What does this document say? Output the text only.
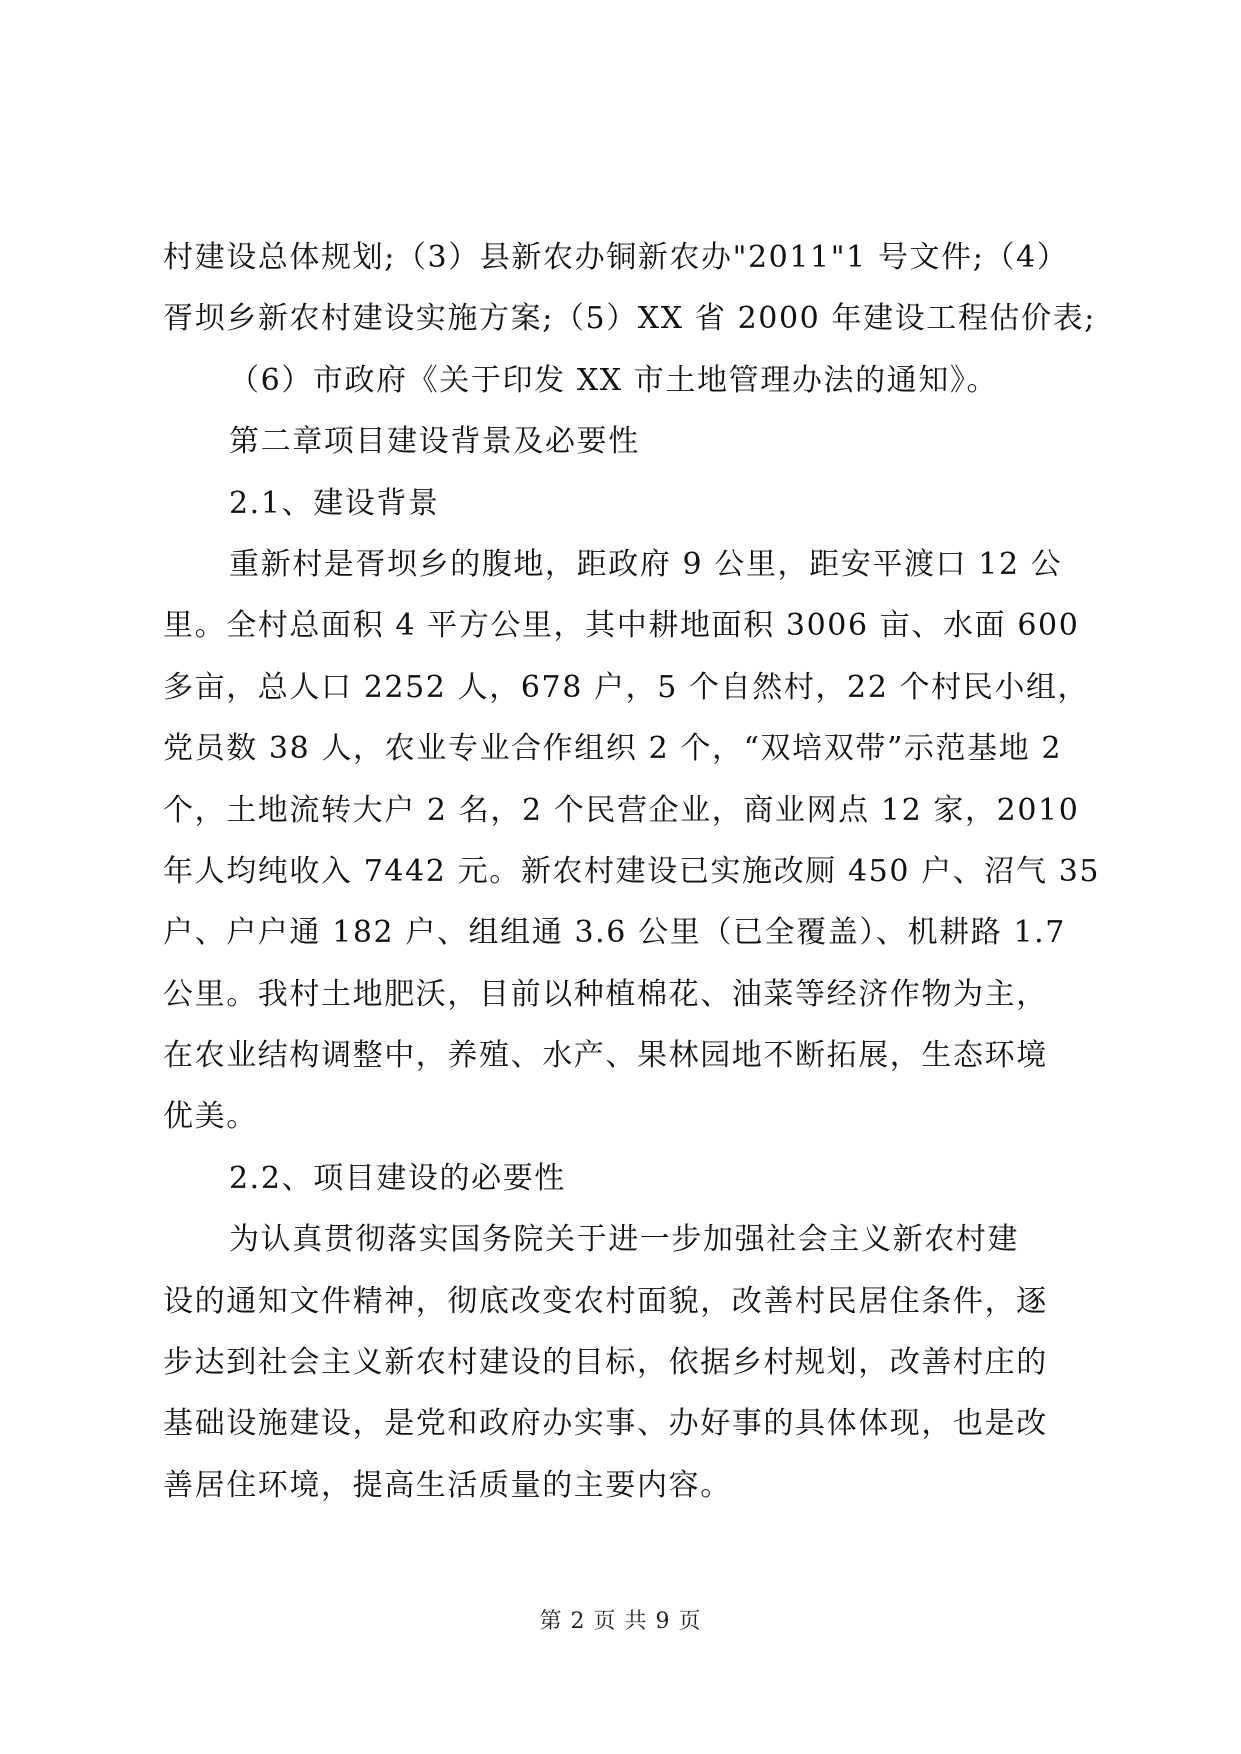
村建设总体规划;（3）县新农办铜新农办"2011"1 号文件;（4）
胥坝乡新农村建设实施方案;（5）XX 省 2000 年建设工程估价表;
（6）市政府《关于印发 XX 市土地管理办法的通知》。
第二章项目建设背景及必要性
2.1、建设背景
重新村是胥坝乡的腹地，距政府 9 公里，距安平渡口 12 公
里。全村总面积 4 平方公里，其中耕地面积 3006 亩、水面 600
多亩，总人口 2252 人，678 户，5 个自然村，22 个村民小组，
党员数 38 人，农业专业合作组织 2 个，“双培双带”示范基地 2
个，土地流转大户 2 名，2 个民营企业，商业网点 12 家，2010
年人均纯收入 7442 元。新农村建设已实施改厕 450 户、沼气 35
户、户户通 182 户、组组通 3.6 公里（已全覆盖）、机耕路 1.7
公里。我村土地肥沃，目前以种植棉花、油菜等经济作物为主，
在农业结构调整中，养殖、水产、果林园地不断拓展，生态环境
优美。
2.2、项目建设的必要性
为认真贯彻落实国务院关于进一步加强社会主义新农村建
设的通知文件精神，彻底改变农村面貌，改善村民居住条件，逐
步达到社会主义新农村建设的目标，依据乡村规划，改善村庄的
基础设施建设，是党和政府办实事、办好事的具体体现，也是改
善居住环境，提高生活质量的主要内容。
第 2 页 共 9 页
